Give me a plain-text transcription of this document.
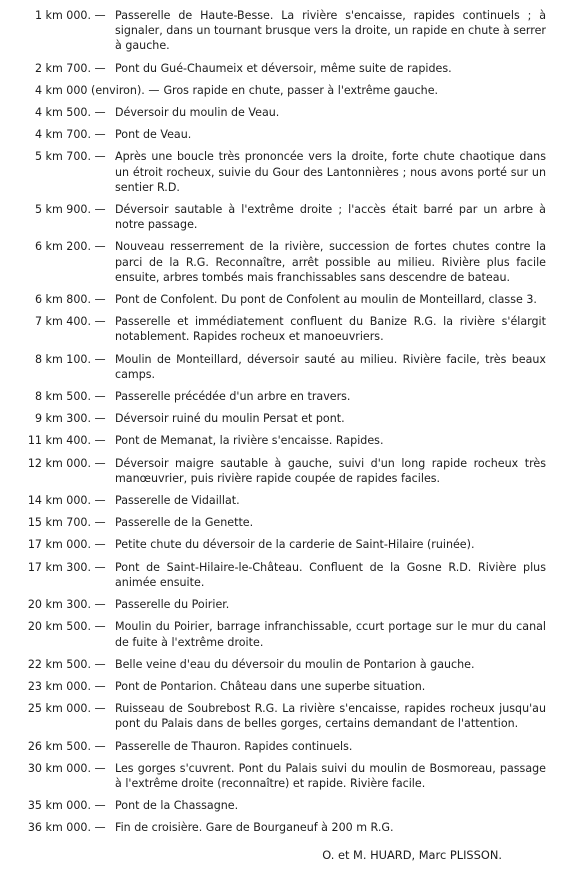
1 km 000. — Passerelle de Haute-Besse. La rivière s'encaisse, rapides continuels ; à signaler, dans un tournant brusque vers la droite, un rapide en chute à serrer à gauche.
2 km 700. — Pont du Gué-Chaumeix et déversoir, même suite de rapides.
4 km 000 (environ). — Gros rapide en chute, passer à l'extrême gauche.
4 km 500. — Déversoir du moulin de Veau.
4 km 700. — Pont de Veau.
5 km 700. — Après une boucle très prononcée vers la droite, forte chute chaotique dans un étroit rocheux, suivie du Gour des Lantonnières ; nous avons porté sur un sentier R.D.
5 km 900. — Déversoir sautable à l'extrême droite ; l'accès était barré par un arbre à notre passage.
6 km 200. — Nouveau resserrement de la rivière, succession de fortes chutes contre la parci de la R.G. Reconnaître, arrêt possible au milieu. Rivière plus facile ensuite, arbres tombés mais franchissables sans descendre de bateau.
6 km 800. — Pont de Confolent. Du pont de Confolent au moulin de Monteillard, classe 3.
7 km 400. — Passerelle et immédiatement confluent du Banize R.G. la rivière s'élargit notablement. Rapides rocheux et manoeuvriers.
8 km 100. — Moulin de Monteillard, déversoir sauté au milieu. Rivière facile, très beaux camps.
8 km 500. — Passerelle précédée d'un arbre en travers.
9 km 300. — Déversoir ruiné du moulin Persat et pont.
11 km 400. — Pont de Memanat, la rivière s'encaisse. Rapides.
12 km 000. — Déversoir maigre sautable à gauche, suivi d'un long rapide rocheux très manœuvrier, puis rivière rapide coupée de rapides faciles.
14 km 000. — Passerelle de Vidaillat.
15 km 700. — Passerelle de la Genette.
17 km 000. — Petite chute du déversoir de la carderie de Saint-Hilaire (ruinée).
17 km 300. — Pont de Saint-Hilaire-le-Château. Confluent de la Gosne R.D. Rivière plus animée ensuite.
20 km 300. — Passerelle du Poirier.
20 km 500. — Moulin du Poirier, barrage infranchissable, ccurt portage sur le mur du canal de fuite à l'extrême droite.
22 km 500. — Belle veine d'eau du déversoir du moulin de Pontarion à gauche.
23 km 000. — Pont de Pontarion. Château dans une superbe situation.
25 km 000. — Ruisseau de Soubrebost R.G. La rivière s'encaisse, rapides rocheux jusqu'au pont du Palais dans de belles gorges, certains demandant de l'attention.
26 km 500. — Passerelle de Thauron. Rapides continuels.
30 km 000. — Les gorges s'cuvrent. Pont du Palais suivi du moulin de Bosmoreau, passage à l'extrême droite (reconnaître) et rapide. Rivière facile.
35 km 000. — Pont de la Chassagne.
36 km 000. — Fin de croisière. Gare de Bourganeuf à 200 m R.G.
O. et M. HUARD, Marc PLISSON.
